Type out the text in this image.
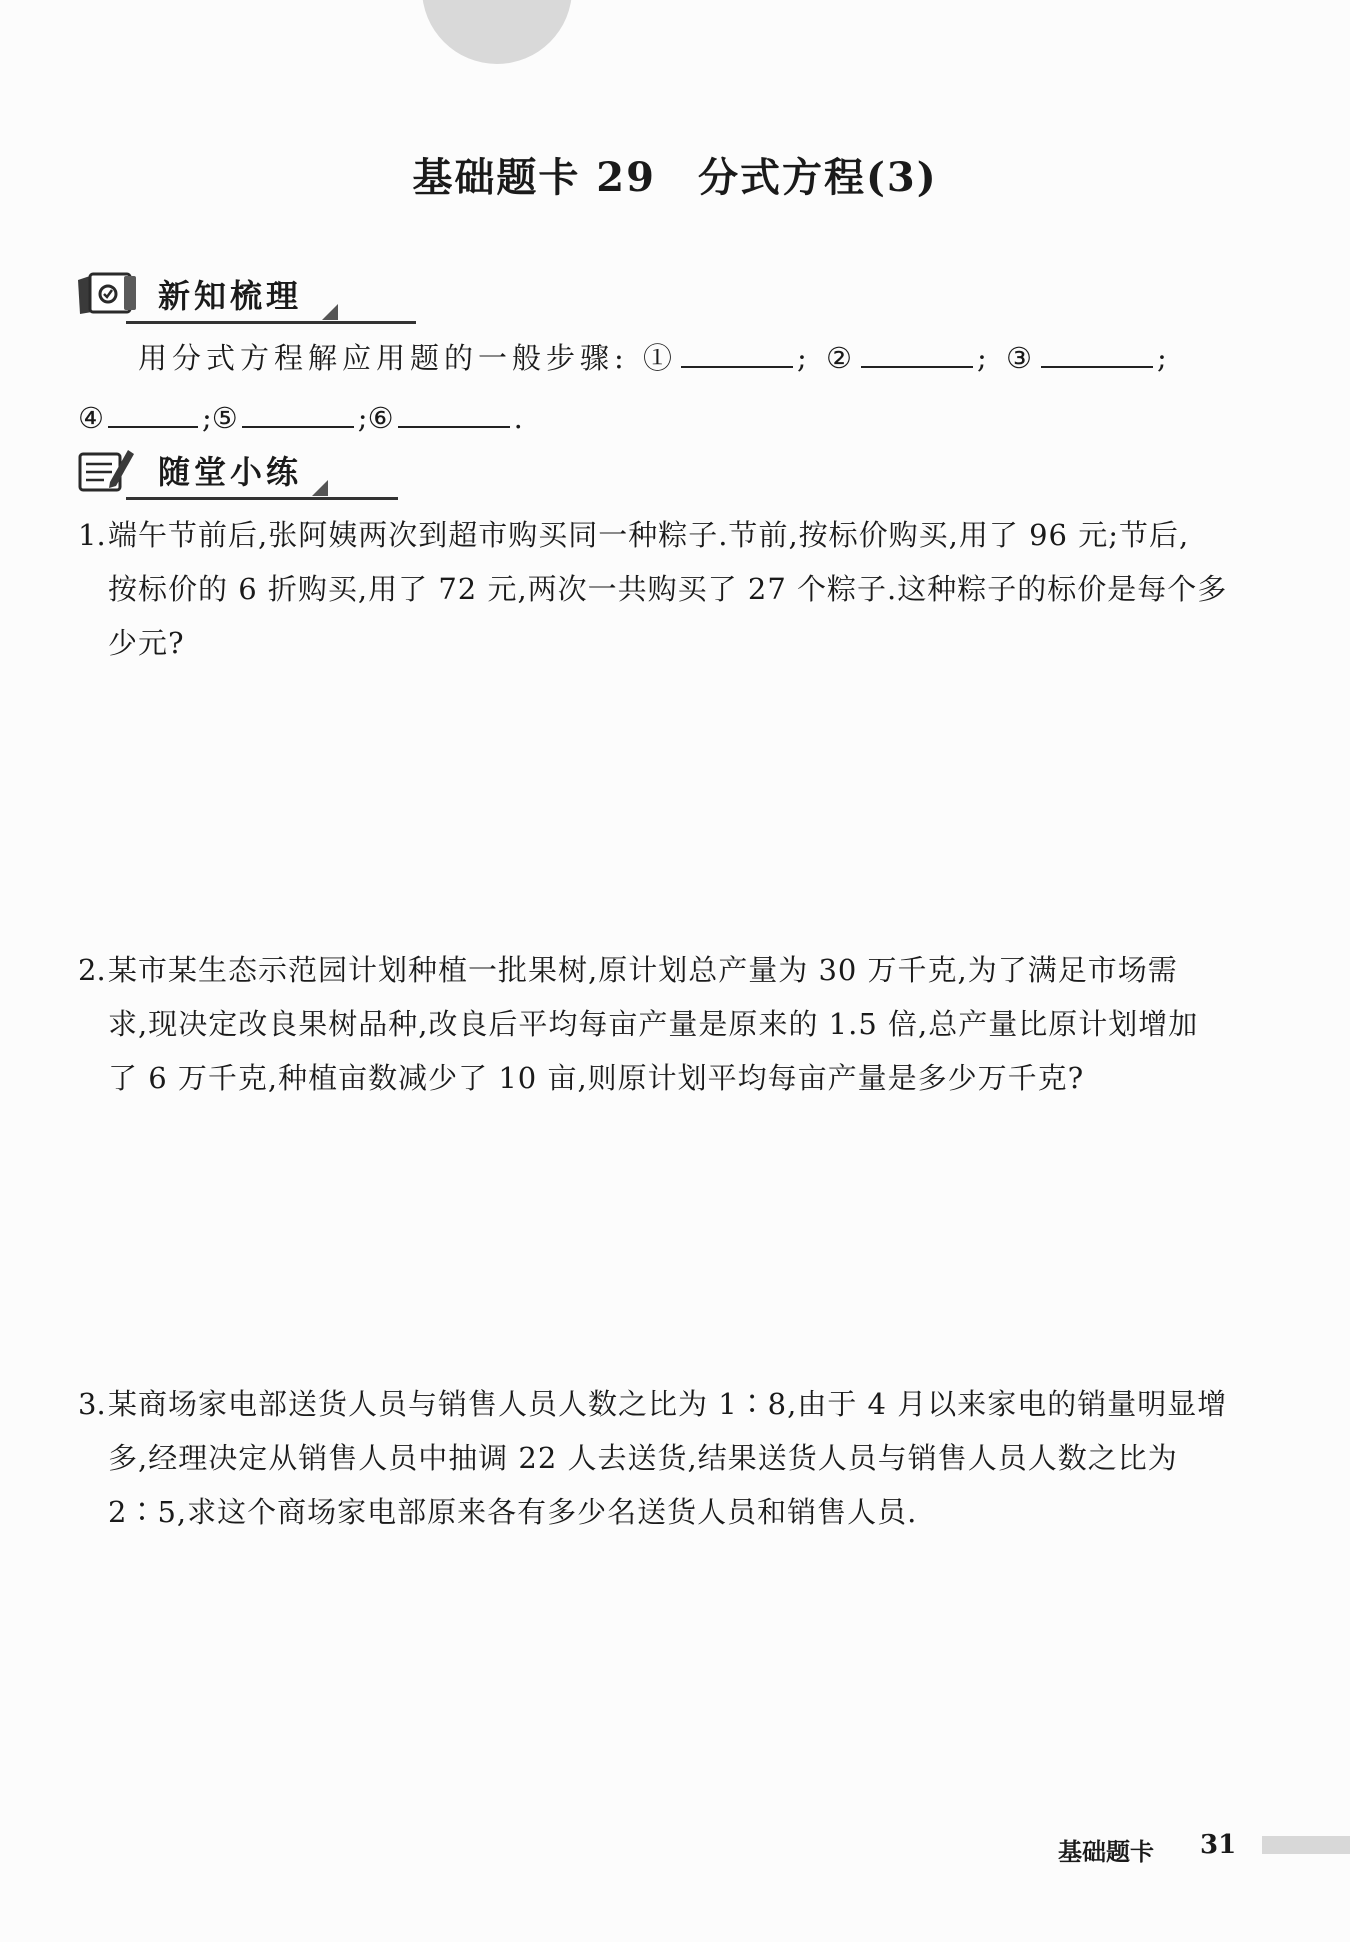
基础题卡 29　分式方程(3)
新知梳理
用分式方程解应用题的一般步骤: ①	; ②	; ③	;
④	;⑤	;⑥	.
随堂小练
1. 端午节前后,张阿姨两次到超市购买同一种粽子.节前,按标价购买,用了 96 元;节后,
按标价的 6 折购买,用了 72 元,两次一共购买了 27 个粽子.这种粽子的标价是每个多
少元?
2. 某市某生态示范园计划种植一批果树,原计划总产量为 30 万千克,为了满足市场需
求,现决定改良果树品种,改良后平均每亩产量是原来的 1.5 倍,总产量比原计划增加
了 6 万千克,种植亩数减少了 10 亩,则原计划平均每亩产量是多少万千克?
3. 某商场家电部送货人员与销售人员人数之比为 1∶8,由于 4 月以来家电的销量明显增
多,经理决定从销售人员中抽调 22 人去送货,结果送货人员与销售人员人数之比为
2∶5,求这个商场家电部原来各有多少名送货人员和销售人员.
基础题卡 31
